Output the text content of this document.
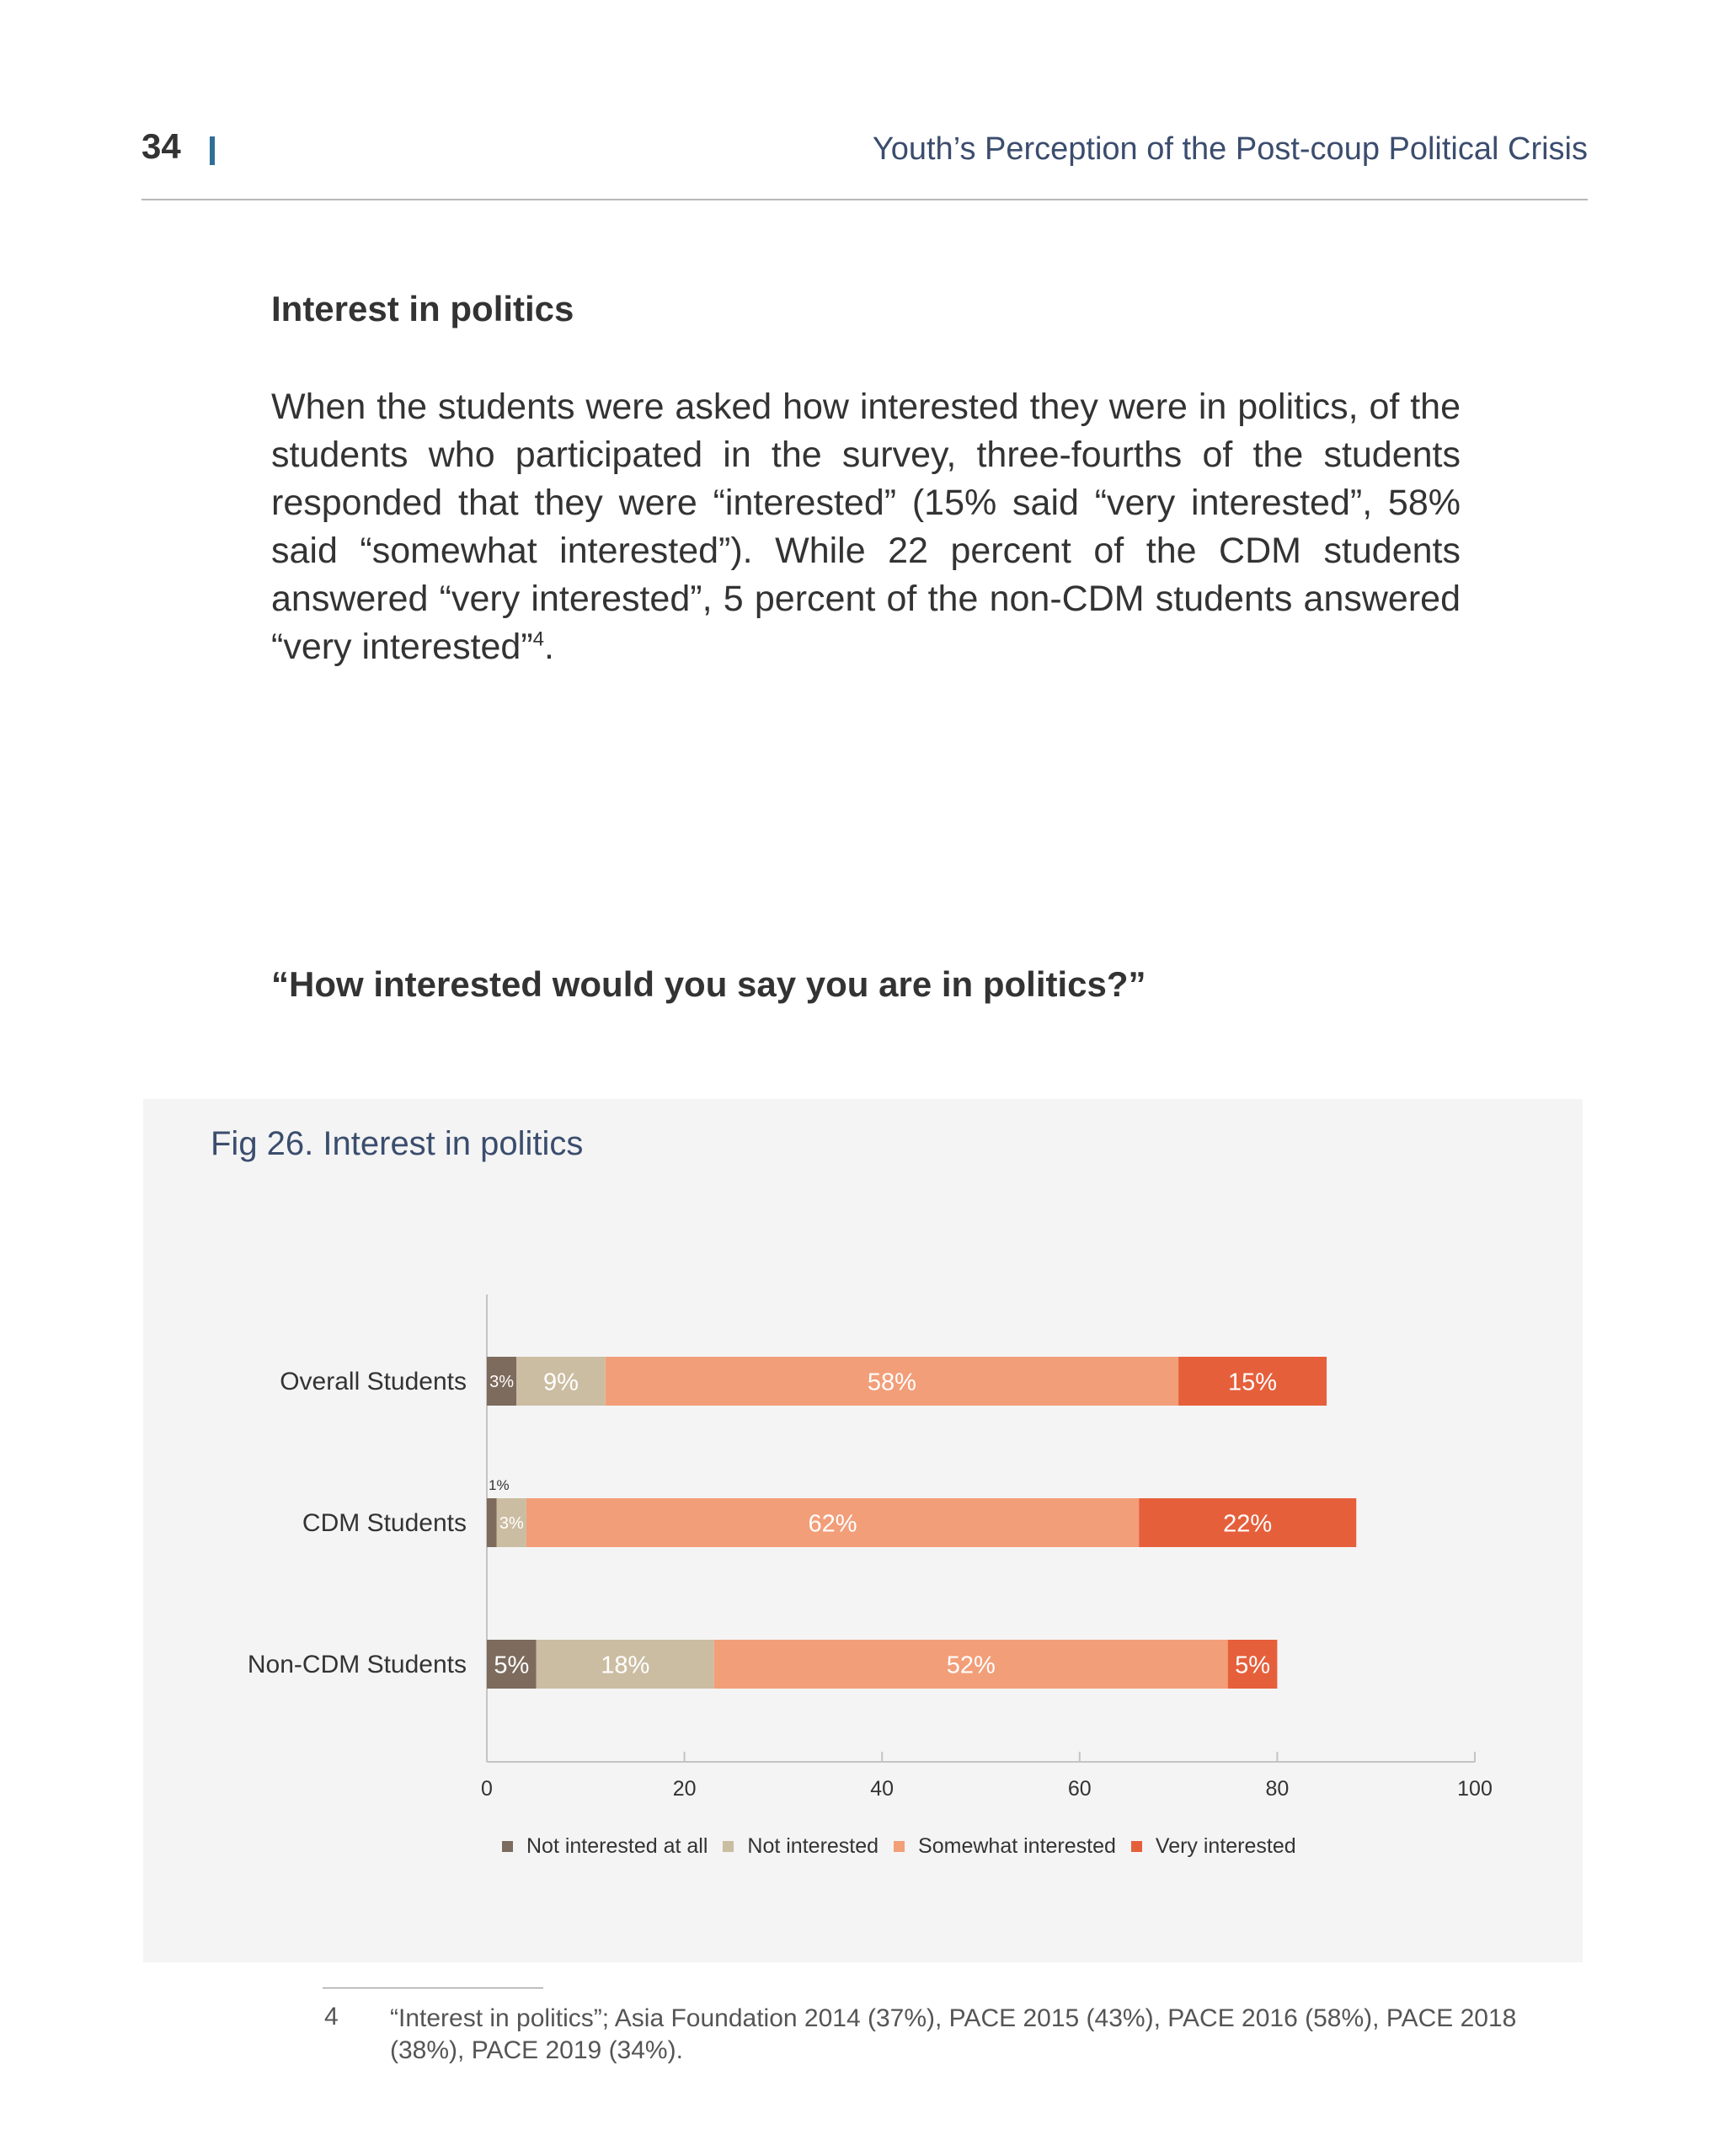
34	Youth’s Perception of the Post-coup Political Crisis
Interest in politics
When the students were asked how interested they were in politics, of the students who participated in the survey, three-fourths of the students responded that they were “interested” (15% said “very interested”, 58% said “somewhat interested”). While 22 percent of the CDM students answered “very interested”, 5 percent of the non-CDM students answered “very interested”$^4$.
“How interested would you say you are in politics?”
Fig 26. Interest in politics
0	20	40	60	80	100
Overall Students 3% 9%	58%	15%
CDM Students
1%
3%	62%	22%
Non-CDM Students 5%	18%	52%	5%
Not interested at all Not interested Somewhat interested Very interested
4 “Interest in politics”; Asia Foundation 2014 (37%), PACE 2015 (43%), PACE 2016 (58%), PACE 2018 (38%), PACE 2019 (34%).
